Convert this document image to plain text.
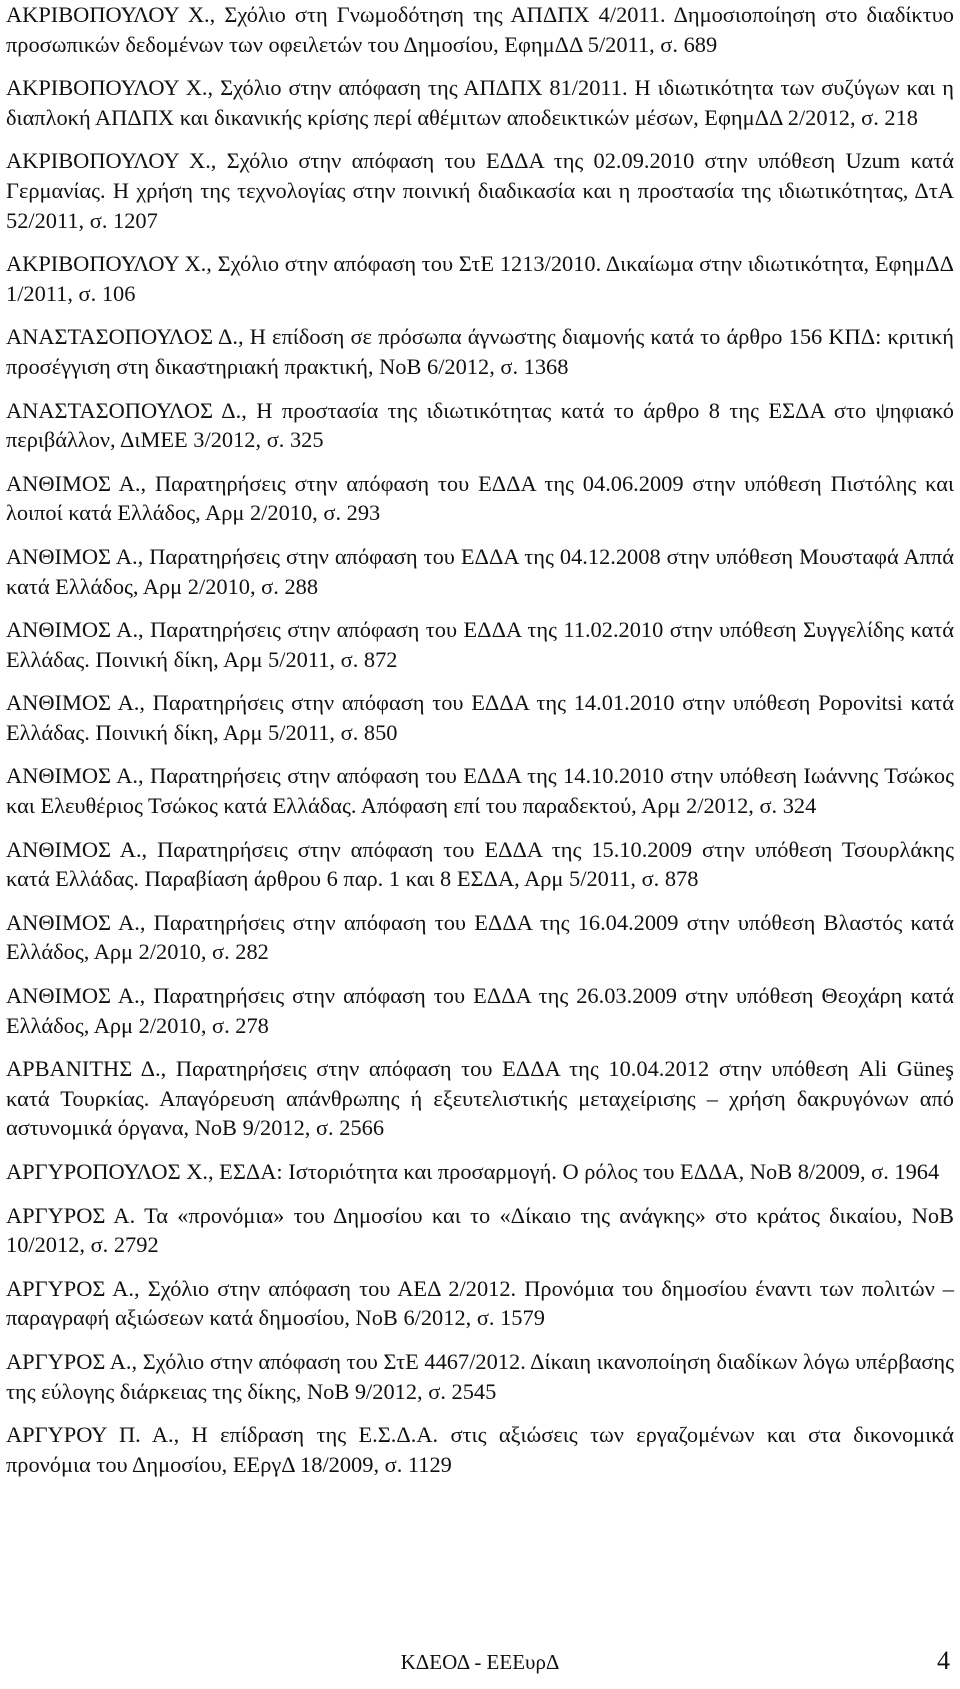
ΑΚΡΙΒΟΠΟΥΛΟΥ Χ., Σχόλιο στη Γνωμοδότηση της ΑΠΔΠΧ 4/2011. Δημοσιοποίηση στο διαδίκτυο προσωπικών δεδομένων των οφειλετών του Δημοσίου, ΕφημΔΔ 5/2011, σ. 689

ΑΚΡΙΒΟΠΟΥΛΟΥ Χ., Σχόλιο στην απόφαση της ΑΠΔΠΧ 81/2011. Η ιδιωτικότητα των συζύγων και η διαπλοκή ΑΠΔΠΧ και δικανικής κρίσης περί αθέμιτων αποδεικτικών μέσων, ΕφημΔΔ 2/2012, σ. 218

ΑΚΡΙΒΟΠΟΥΛΟΥ Χ., Σχόλιο στην απόφαση του ΕΔΔΑ της 02.09.2010 στην υπόθεση Uzum κατά Γερμανίας. Η χρήση της τεχνολογίας στην ποινική διαδικασία και η προστασία της ιδιωτικότητας, ΔτΑ 52/2011, σ. 1207

ΑΚΡΙΒΟΠΟΥΛΟΥ Χ., Σχόλιο στην απόφαση του ΣτΕ 1213/2010. Δικαίωμα στην ιδιωτικότητα, ΕφημΔΔ 1/2011, σ. 106

ΑΝΑΣΤΑΣΟΠΟΥΛΟΣ Δ., Η επίδοση σε πρόσωπα άγνωστης διαμονής κατά το άρθρο 156 ΚΠΔ: κριτική προσέγγιση στη δικαστηριακή πρακτική, ΝοΒ 6/2012, σ. 1368

ΑΝΑΣΤΑΣΟΠΟΥΛΟΣ Δ., Η προστασία της ιδιωτικότητας κατά το άρθρο 8 της ΕΣΔΑ στο ψηφιακό περιβάλλον, ΔιΜΕΕ 3/2012, σ. 325

ΑΝΘΙΜΟΣ Α., Παρατηρήσεις στην απόφαση του ΕΔΔΑ της 04.06.2009 στην υπόθεση Πιστόλης και λοιποί κατά Ελλάδος, Αρμ 2/2010, σ. 293

ΑΝΘΙΜΟΣ Α., Παρατηρήσεις στην απόφαση του ΕΔΔΑ της 04.12.2008 στην υπόθεση Μουσταφά Αππά κατά Ελλάδος, Αρμ 2/2010, σ. 288

ΑΝΘΙΜΟΣ Α., Παρατηρήσεις στην απόφαση του ΕΔΔΑ της 11.02.2010 στην υπόθεση Συγγελίδης κατά Ελλάδας. Ποινική δίκη, Αρμ 5/2011, σ. 872

ΑΝΘΙΜΟΣ Α., Παρατηρήσεις στην απόφαση του ΕΔΔΑ της 14.01.2010 στην υπόθεση Popovitsi κατά Ελλάδας. Ποινική δίκη, Αρμ 5/2011, σ. 850

ΑΝΘΙΜΟΣ Α., Παρατηρήσεις στην απόφαση του ΕΔΔΑ της 14.10.2010 στην υπόθεση Ιωάννης Τσώκος και Ελευθέριος Τσώκος κατά Ελλάδας. Απόφαση επί του παραδεκτού, Αρμ 2/2012, σ. 324

ΑΝΘΙΜΟΣ Α., Παρατηρήσεις στην απόφαση του ΕΔΔΑ της 15.10.2009 στην υπόθεση Τσουρλάκης κατά Ελλάδας. Παραβίαση άρθρου 6 παρ. 1 και 8 ΕΣΔΑ, Αρμ 5/2011, σ. 878

ΑΝΘΙΜΟΣ Α., Παρατηρήσεις στην απόφαση του ΕΔΔΑ της 16.04.2009 στην υπόθεση Βλαστός κατά Ελλάδος, Αρμ 2/2010, σ. 282

ΑΝΘΙΜΟΣ Α., Παρατηρήσεις στην απόφαση του ΕΔΔΑ της 26.03.2009 στην υπόθεση Θεοχάρη κατά Ελλάδος, Αρμ 2/2010, σ. 278

ΑΡΒΑΝΙΤΗΣ Δ., Παρατηρήσεις στην απόφαση του ΕΔΔΑ της 10.04.2012 στην υπόθεση Ali Güneş κατά Τουρκίας. Απαγόρευση απάνθρωπης ή εξευτελιστικής μεταχείρισης – χρήση δακρυγόνων από αστυνομικά όργανα, ΝοΒ 9/2012, σ. 2566

ΑΡΓΥΡΟΠΟΥΛΟΣ Χ., ΕΣΔΑ: Ιστοριότητα και προσαρμογή. Ο ρόλος του ΕΔΔΑ, ΝοΒ 8/2009, σ. 1964

ΑΡΓΥΡΟΣ Α. Τα «προνόμια» του Δημοσίου και το «Δίκαιο της ανάγκης» στο κράτος δικαίου, ΝοΒ 10/2012, σ. 2792

ΑΡΓΥΡΟΣ Α., Σχόλιο στην απόφαση του ΑΕΔ 2/2012. Προνόμια του δημοσίου έναντι των πολιτών – παραγραφή αξιώσεων κατά δημοσίου, ΝοΒ 6/2012, σ. 1579

ΑΡΓΥΡΟΣ Α., Σχόλιο στην απόφαση του ΣτΕ 4467/2012. Δίκαιη ικανοποίηση διαδίκων λόγω υπέρβασης της εύλογης διάρκειας της δίκης, ΝοΒ 9/2012, σ. 2545

ΑΡΓΥΡΟΥ Π. Α., Η επίδραση της Ε.Σ.Δ.Α. στις αξιώσεις των εργαζομένων και στα δικονομικά προνόμια του Δημοσίου, ΕΕργΔ 18/2009, σ. 1129

ΚΔΕΟΔ - ΕΕΕυρΔ	4
